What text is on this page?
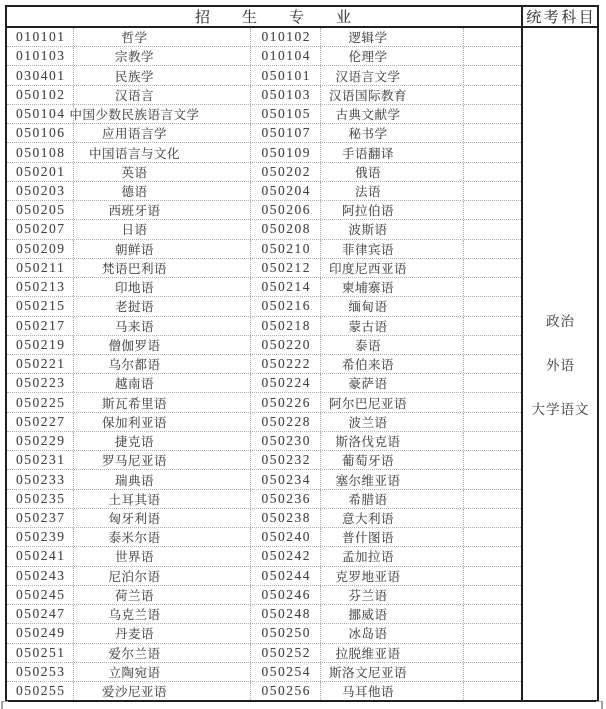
招生专业	统考科目
010101	哲学	010102	逻辑学
010103	宗教学	010104	伦理学
030401	民族学	050101	汉语言文学
050102	汉语言	050103	汉语国际教育
050104 中国少数民族语言文学	050105	古典文献学
050106	应用语言学	050107	秘书学
050108	中国语言与文化	050109	手语翻译
050201	英语	050202	俄语
050203	德语	050204	法语
050205	西班牙语	050206	阿拉伯语
050207	日语	050208	波斯语
050209	朝鲜语	050210	菲律宾语
050211	梵语巴利语	050212	印度尼西亚语
050213	印地语	050214	柬埔寨语
050215	老挝语	050216	缅甸语
050217	马来语	050218	蒙古语
050219	僧伽罗语	050220	泰语
050221	乌尔都语	050222	希伯来语
050223	越南语	050224	豪萨语
050225	斯瓦希里语	050226	阿尔巴尼亚语
050227	保加利亚语	050228	波兰语
050229	捷克语	050230	斯洛伐克语
050231	罗马尼亚语	050232	葡萄牙语
050233	瑞典语	050234	塞尔维亚语
050235	土耳其语	050236	希腊语
050237	匈牙利语	050238	意大利语
050239	泰米尔语	050240	普什图语
050241	世界语	050242	孟加拉语
050243	尼泊尔语	050244	克罗地亚语
050245	荷兰语	050246	芬兰语
050247	乌克兰语	050248	挪威语
050249	丹麦语	050250	冰岛语
050251	爱尔兰语	050252	拉脱维亚语
050253	立陶宛语	050254	斯洛文尼亚语
050255	爱沙尼亚语	050256	马耳他语
政治
外语
大学语文
